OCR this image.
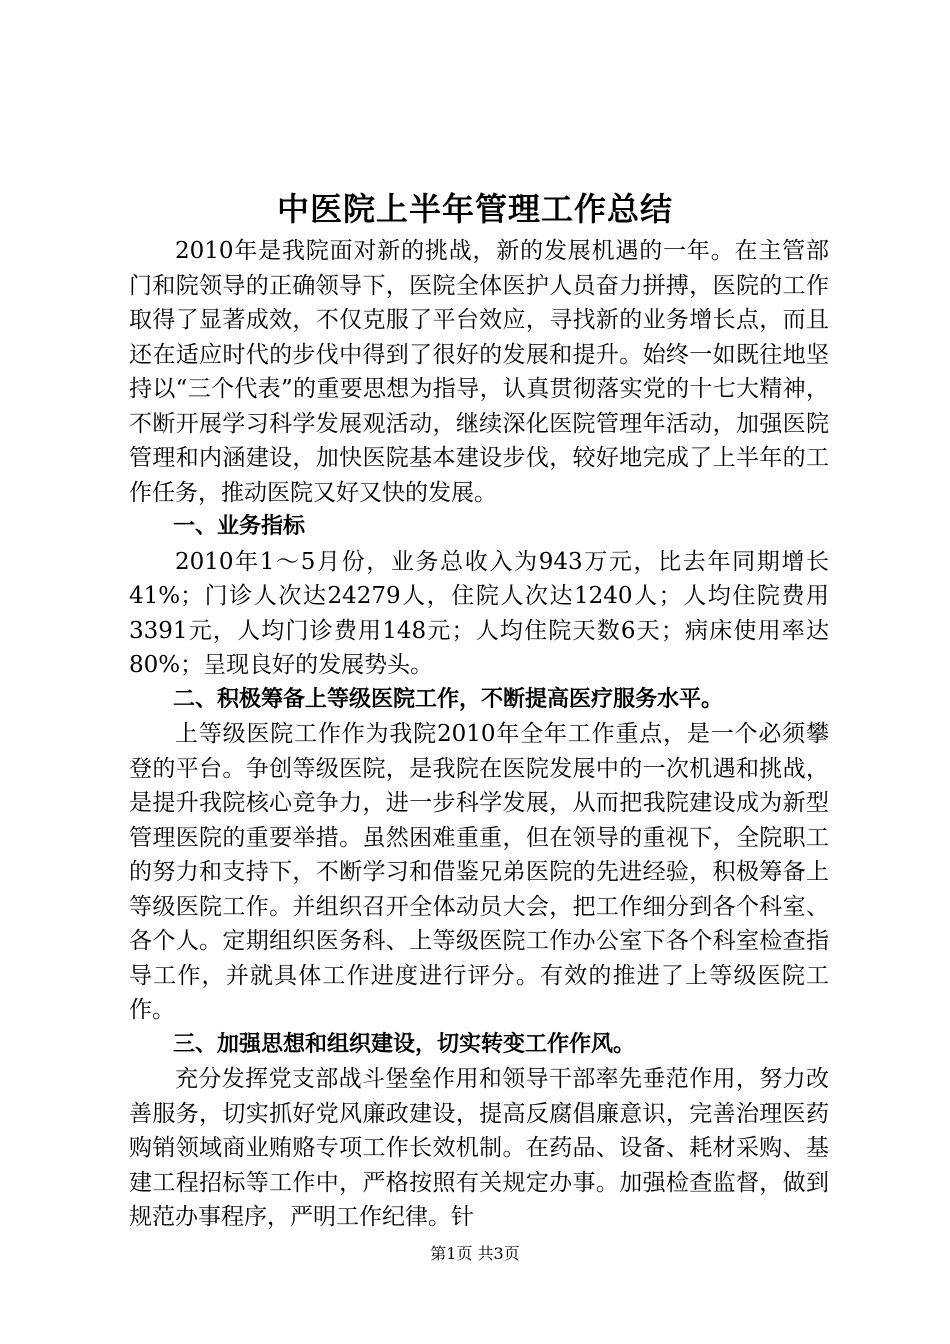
中医院上半年管理工作总结

2010年是我院面对新的挑战，新的发展机遇的一年。在主管部门和院领导的正确领导下，医院全体医护人员奋力拼搏，医院的工作取得了显著成效，不仅克服了平台效应，寻找新的业务增长点，而且还在适应时代的步伐中得到了很好的发展和提升。始终一如既往地坚持以“三个代表”的重要思想为指导，认真贯彻落实党的十七大精神，不断开展学习科学发展观活动，继续深化医院管理年活动，加强医院管理和内涵建设，加快医院基本建设步伐，较好地完成了上半年的工作任务，推动医院又好又快的发展。

一、业务指标

2010年1～5月份，业务总收入为943万元，比去年同期增长41%；门诊人次达24279人，住院人次达1240人；人均住院费用3391元，人均门诊费用148元；人均住院天数6天；病床使用率达80%；呈现良好的发展势头。

二、积极筹备上等级医院工作，不断提高医疗服务水平。

上等级医院工作作为我院2010年全年工作重点，是一个必须攀登的平台。争创等级医院，是我院在医院发展中的一次机遇和挑战，是提升我院核心竞争力，进一步科学发展，从而把我院建设成为新型管理医院的重要举措。虽然困难重重，但在领导的重视下，全院职工的努力和支持下，不断学习和借鉴兄弟医院的先进经验，积极筹备上等级医院工作。并组织召开全体动员大会，把工作细分到各个科室、各个人。定期组织医务科、上等级医院工作办公室下各个科室检查指导工作，并就具体工作进度进行评分。有效的推进了上等级医院工作。

三、加强思想和组织建设，切实转变工作作风。

充分发挥党支部战斗堡垒作用和领导干部率先垂范作用，努力改善服务，切实抓好党风廉政建设，提高反腐倡廉意识，完善治理医药购销领域商业贿赂专项工作长效机制。在药品、设备、耗材采购、基建工程招标等工作中，严格按照有关规定办事。加强检查监督，做到规范办事程序，严明工作纪律。针

第1页 共3页
